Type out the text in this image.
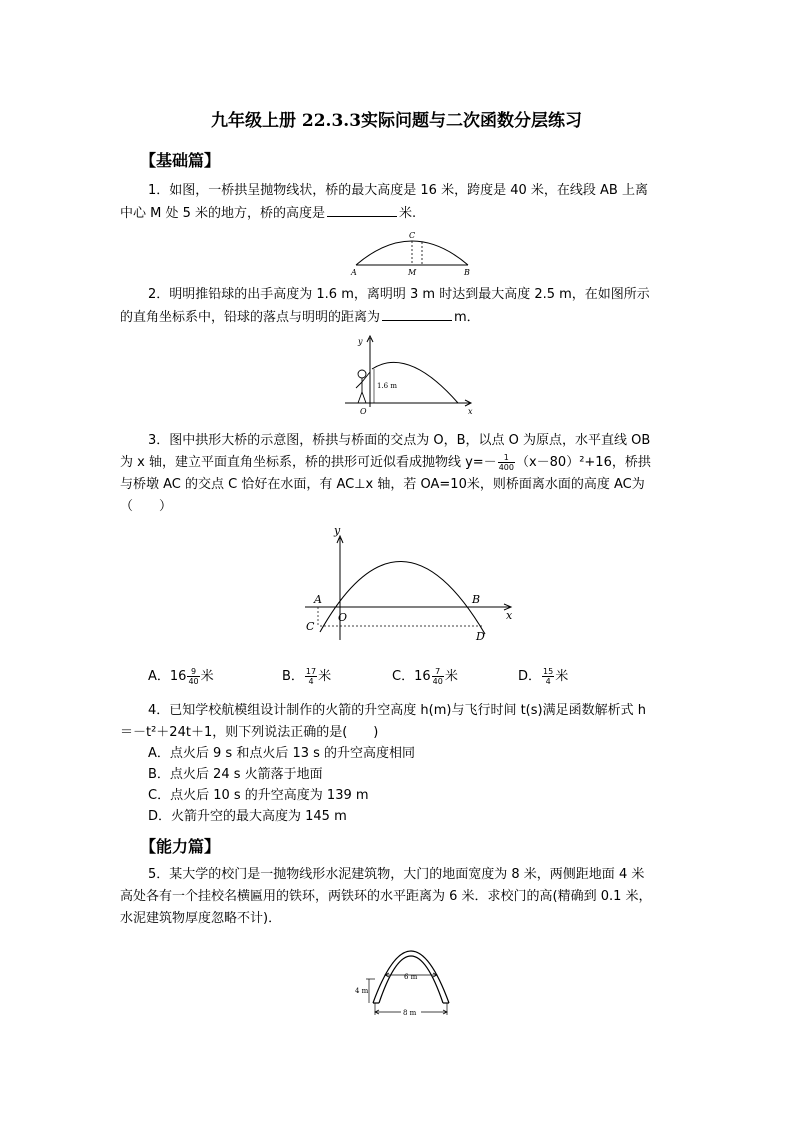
九年级上册 22.3.3实际问题与二次函数分层练习
【基础篇】
1．如图，一桥拱呈抛物线状，桥的最大高度是 16 米，跨度是 40 米，在线段 AB 上离
中心 M 处 5 米的地方，桥的高度是	米.
A	M	B
C
2．明明推铅球的出手高度为 1.6 m，离明明 3 m 时达到最大高度 2.5 m，在如图所示
的直角坐标系中，铅球的落点与明明的距离为	m．
y
x
O
1.6 m
3．图中拱形大桥的示意图，桥拱与桥面的交点为 O，B，以点 O 为原点，水平直线 OB
为 x 轴，建立平面直角坐标系，桥的拱形可近似看成抛物线 $y=- \frac{1}{400} (x-80)^2+16$，桥拱
与桥墩 AC 的交点 C 恰好在水面，有 AC⊥x 轴，若 OA=10米，则桥面离水面的高度 AC为
（　　）
y
x
A
O
B
C
D
A．$16 \frac{9}{40}$ 米	B． $\frac{17}{4}$ 米	C．$16 \frac{7}{40}$ 米	D． $\frac{15}{4}$ 米
4．已知学校航模组设计制作的火箭的升空高度 h(m)与飞行时间 t(s)满足函数解析式 h
＝－t²＋24t＋1，则下列说法正确的是(　　)
A．点火后 9 s 和点火后 13 s 的升空高度相同
B．点火后 24 s 火箭落于地面
C．点火后 10 s 的升空高度为 139 m
D．火箭升空的最大高度为 145 m
【能力篇】
5．某大学的校门是一抛物线形水泥建筑物，大门的地面宽度为 8 米，两侧距地面 4 米
高处各有一个挂校名横匾用的铁环，两铁环的水平距离为 6 米．求校门的高(精确到 0.1 米，
水泥建筑物厚度忽略不计)．
6 m
4 m
8 m
